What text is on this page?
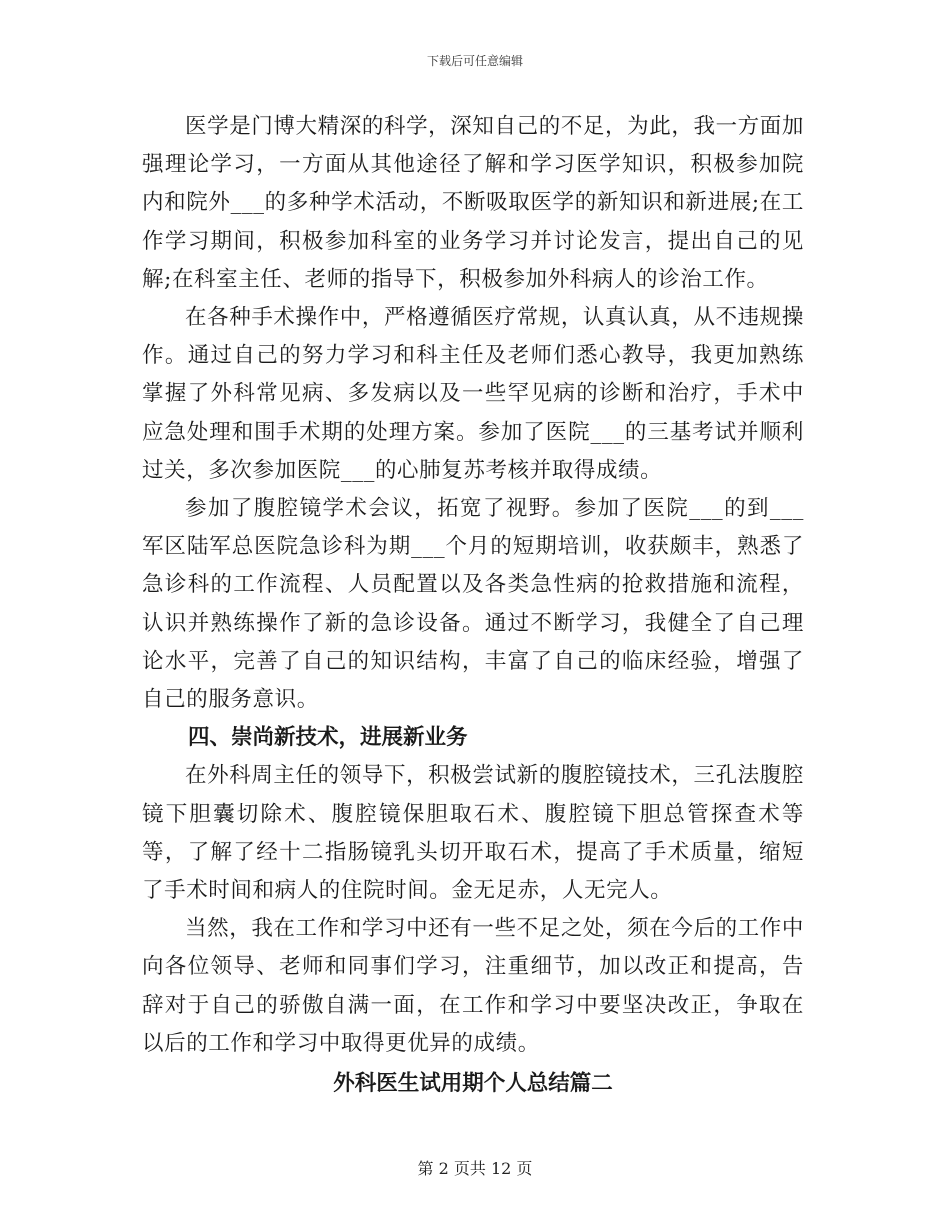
下载后可任意编辑

医学是门博大精深的科学，深知自己的不足，为此，我一方面加强理论学习，一方面从其他途径了解和学习医学知识，积极参加院内和院外___的多种学术活动，不断吸取医学的新知识和新进展;在工作学习期间，积极参加科室的业务学习并讨论发言，提出自己的见解;在科室主任、老师的指导下，积极参加外科病人的诊治工作。

在各种手术操作中，严格遵循医疗常规，认真认真，从不违规操作。通过自己的努力学习和科主任及老师们悉心教导，我更加熟练掌握了外科常见病、多发病以及一些罕见病的诊断和治疗，手术中应急处理和围手术期的处理方案。参加了医院___的三基考试并顺利过关，多次参加医院___的心肺复苏考核并取得成绩。

参加了腹腔镜学术会议，拓宽了视野。参加了医院___的到___军区陆军总医院急诊科为期___个月的短期培训，收获颇丰，熟悉了急诊科的工作流程、人员配置以及各类急性病的抢救措施和流程，认识并熟练操作了新的急诊设备。通过不断学习，我健全了自己理论水平，完善了自己的知识结构，丰富了自己的临床经验，增强了自己的服务意识。

四、崇尚新技术，进展新业务

在外科周主任的领导下，积极尝试新的腹腔镜技术，三孔法腹腔镜下胆囊切除术、腹腔镜保胆取石术、腹腔镜下胆总管探查术等等，了解了经十二指肠镜乳头切开取石术，提高了手术质量，缩短了手术时间和病人的住院时间。金无足赤，人无完人。

当然，我在工作和学习中还有一些不足之处，须在今后的工作中向各位领导、老师和同事们学习，注重细节，加以改正和提高，告辞对于自己的骄傲自满一面，在工作和学习中要坚决改正，争取在以后的工作和学习中取得更优异的成绩。

外科医生试用期个人总结篇二

第 2 页共 12 页
